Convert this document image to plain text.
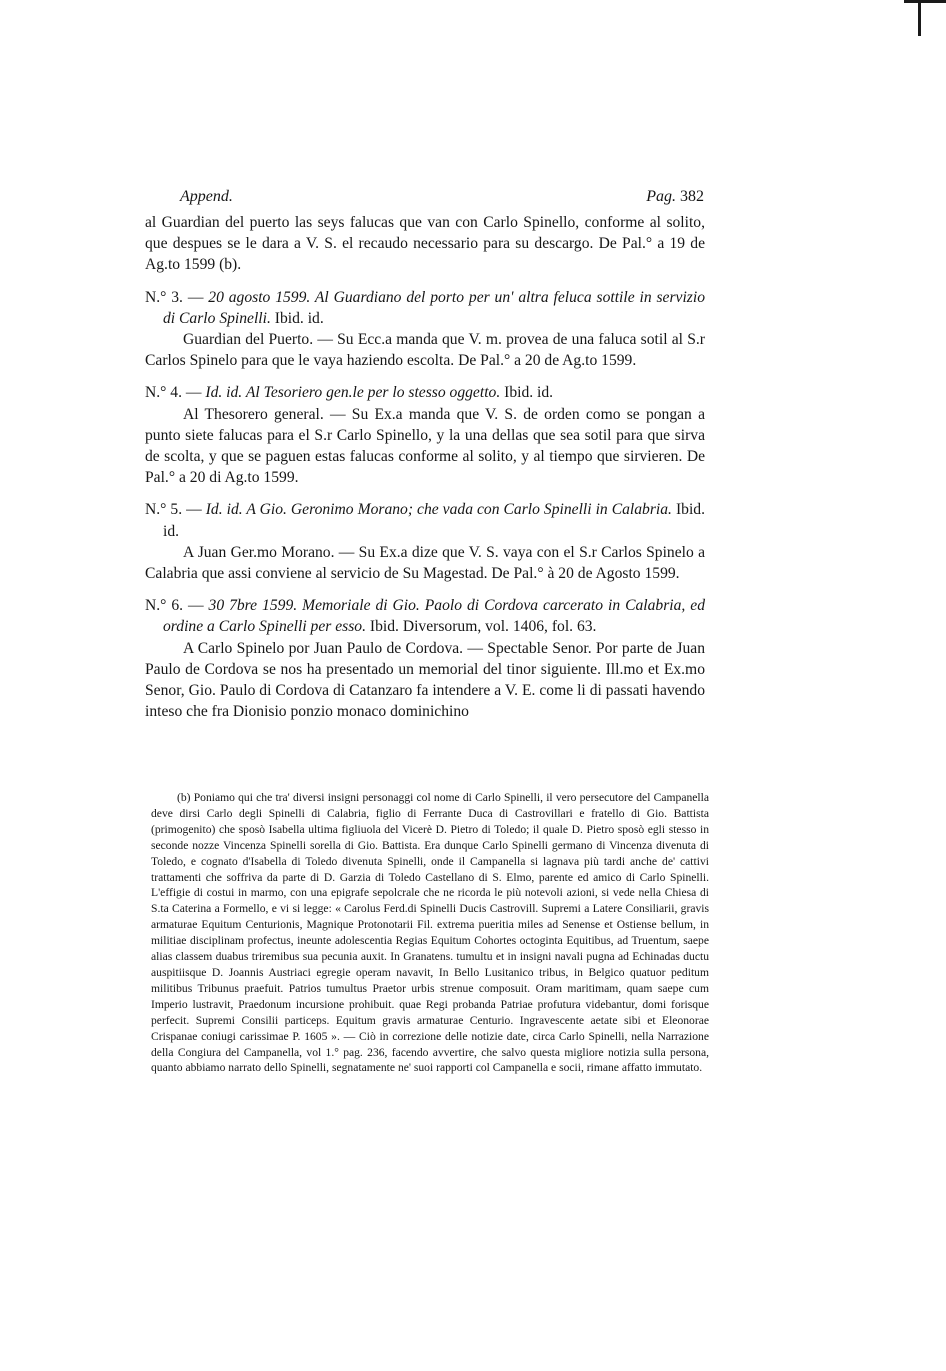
Append.	Pag. 382

al Guardian del puerto las seys falucas que van con Carlo Spinello, conforme al solito, que despues se le dara a V. S. el recaudo necessario para su descargo. De Pal.° a 19 de Ag.to 1599 (b).

N.° 3. — 20 agosto 1599. Al Guardiano del porto per un' altra feluca sottile in servizio di Carlo Spinelli. Ibid. id.

Guardian del Puerto. — Su Ecc.a manda que V. m. provea de una faluca sotil al S.r Carlos Spinelo para que le vaya haziendo escolta. De Pal.° a 20 de Ag.to 1599.

N.° 4. — Id. id. Al Tesoriero gen.le per lo stesso oggetto. Ibid. id.

Al Thesorero general. — Su Ex.a manda que V. S. de orden como se pongan a punto siete falucas para el S.r Carlo Spinello, y la una dellas que sea sotil para que sirva de scolta, y que se paguen estas falucas conforme al solito, y al tiempo que sirvieren. De Pal.° a 20 di Ag.to 1599.

N.° 5. — Id. id. A Gio. Geronimo Morano; che vada con Carlo Spinelli in Calabria. Ibid. id.

A Juan Ger.mo Morano. — Su Ex.a dize que V. S. vaya con el S.r Carlos Spinelo a Calabria que assi conviene al servicio de Su Magestad. De Pal.° à 20 de Agosto 1599.

N.° 6. — 30 7bre 1599. Memoriale di Gio. Paolo di Cordova carcerato in Calabria, ed ordine a Carlo Spinelli per esso. Ibid. Diversorum, vol. 1406, fol. 63.

A Carlo Spinelo por Juan Paulo de Cordova. — Spectable Senor. Por parte de Juan Paulo de Cordova se nos ha presentado un memorial del tinor siguiente. Ill.mo et Ex.mo Senor, Gio. Paulo di Cordova di Catanzaro fa intendere a V. E. come li di passati havendo inteso che fra Dionisio ponzio monaco dominichino

(b) Poniamo qui che tra' diversi insigni personaggi col nome di Carlo Spinelli, il vero persecutore del Campanella deve dirsi Carlo degli Spinelli di Calabria, figlio di Ferrante Duca di Castrovillari e fratello di Gio. Battista (primogenito) che sposò Isabella ultima figliuola del Vicerè D. Pietro di Toledo; il quale D. Pietro sposò egli stesso in seconde nozze Vincenza Spinelli sorella di Gio. Battista. Era dunque Carlo Spinelli germano di Vincenza divenuta di Toledo, e cognato d'Isabella di Toledo divenuta Spinelli, onde il Campanella si lagnava più tardi anche de' cattivi trattamenti che soffriva da parte di D. Garzia di Toledo Castellano di S. Elmo, parente ed amico di Carlo Spinelli. L'effigie di costui in marmo, con una epigrafe sepolcrale che ne ricorda le più notevoli azioni, si vede nella Chiesa di S.ta Caterina a Formello, e vi si legge: « Carolus Ferd.di Spinelli Ducis Castrovill. Supremi a Latere Consiliarii, gravis armaturae Equitum Centurionis, Magnique Protonotarii Fil. extrema pueritia miles ad Senense et Ostiense bellum, in militiae disciplinam profectus, ineunte adolescentia Regias Equitum Cohortes octoginta Equitibus, ad Truentum, saepe alias classem duabus triremibus sua pecunia auxit. In Granatens. tumultu et in insigni navali pugna ad Echinadas ductu auspitiisque D. Joannis Austriaci egregie operam navavit, In Bello Lusitanico tribus, in Belgico quatuor peditum militibus Tribunus praefuit. Patrios tumultus Praetor urbis strenue composuit. Oram maritimam, quam saepe cum Imperio lustravit, Praedonum incursione prohibuit. quae Regi probanda Patriae profutura videbantur, domi forisque perfecit. Supremi Consilii particeps. Equitum gravis armaturae Centurio. Ingravescente aetate sibi et Eleonorae Crispanae coniugi carissimae P. 1605 ». — Ciò in correzione delle notizie date, circa Carlo Spinelli, nella Narrazione della Congiura del Campanella, vol 1.° pag. 236, facendo avvertire, che salvo questa migliore notizia sulla persona, quanto abbiamo narrato dello Spinelli, segnatamente ne' suoi rapporti col Campanella e socii, rimane affatto immutato.
